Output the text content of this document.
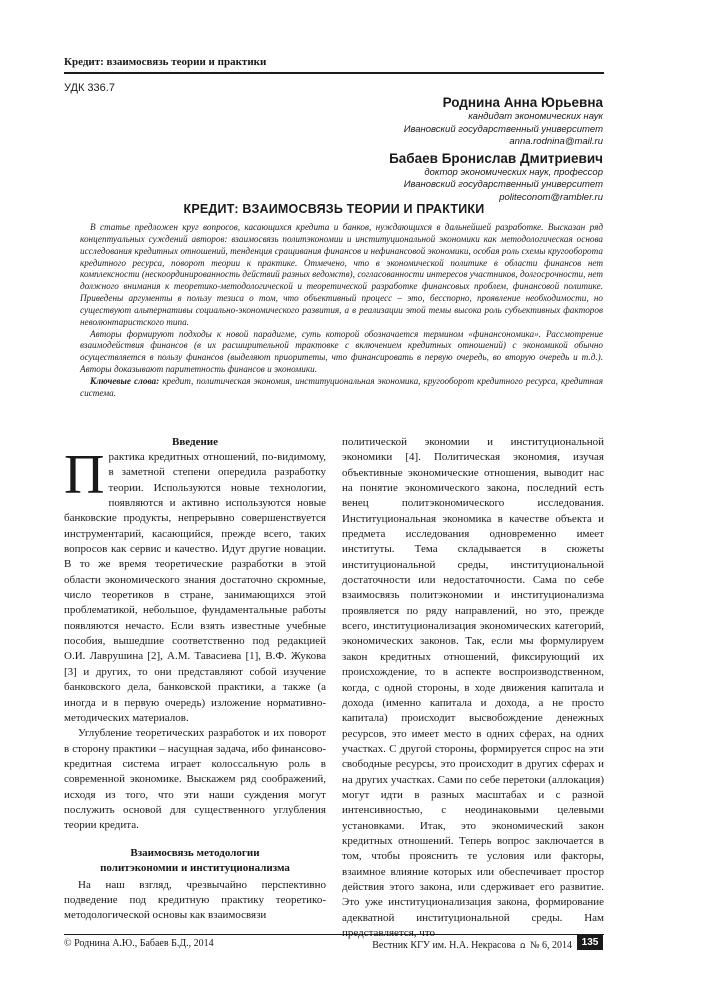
Кредит: взаимосвязь теории и практики
УДК 336.7
Роднина Анна Юрьевна
кандидат экономических наук
Ивановский государственный университет
anna.rodnina@mail.ru
Бабаев Бронислав Дмитриевич
доктор экономических наук, профессор
Ивановский государственный университет
politeconom@rambler.ru
КРЕДИТ: ВЗАИМОСВЯЗЬ ТЕОРИИ И ПРАКТИКИ

В статье предложен круг вопросов, касающихся кредита и банков, нуждающихся в дальнейшей разработке. Высказан ряд концептуальных суждений авторов: взаимосвязь политэкономии и институциональной экономики как методологическая основа исследования кредитных отношений, тенденция сращивания финансов и нефинансовой экономики, особая роль схемы кругооборота кредитного ресурса, поворот теории к практике. Отмечено, что в экономической политике в области финансов нет комплексности (нескоординированность действий разных ведомств), согласованности интересов участников, долгосрочности, нет должного внимания к теоретико-методологической и теоретической разработке финансовых проблем, финансовой политике. Приведены аргументы в пользу тезиса о том, что объективный процесс – это, бесспорно, проявление необходимости, но существуют альтернативы социально-экономического развития, а в реализации этой темы высока роль субъективных факторов неволюнтаристского типа.

Авторы формируют подходы к новой парадигме, суть которой обозначается термином «финансономика». Рассмотрение взаимодействия финансов (в их расширительной трактовке с включением кредитных отношений) с экономикой обычно осуществляется в пользу финансов (выделяют приоритеты, что финансировать в первую очередь, во вторую очередь и т.д.). Авторы доказывают паритетность финансов и экономики.

Ключевые слова: кредит, политическая экономия, институциональная экономика, кругооборот кредитного ресурса, кредитная система.

Введение

Практика кредитных отношений, по-видимому, в заметной степени опередила разработку теории. Используются новые технологии, появляются и активно используются новые банковские продукты, непрерывно совершенствуется инструментарий, касающийся, прежде всего, таких вопросов как сервис и качество. Идут другие новации. В то же время теоретические разработки в этой области экономического знания достаточно скромные, число теоретиков в стране, занимающихся этой проблематикой, небольшое, фундаментальные работы появляются нечасто. Если взять известные учебные пособия, вышедшие соответственно под редакцией О.И. Лаврушина [2], А.М. Тавасиева [1], В.Ф. Жукова [3] и других, то они представляют собой изучение банковского дела, банковской практики, а также (а иногда и в первую очередь) изложение нормативно-методических материалов.

Углубление теоретических разработок и их поворот в сторону практики – насущная задача, ибо финансово-кредитная система играет колоссальную роль в современной экономике. Выскажем ряд соображений, исходя из того, что эти наши суждения могут послужить основой для существенного углубления теории кредита.

Взаимосвязь методологии
политэкономии и институционализма

На наш взгляд, чрезвычайно перспективно подведение под кредитную практику теоретико-методологической основы как взаимосвязи

политической экономии и институциональной экономики [4]. Политическая экономия, изучая объективные экономические отношения, выводит нас на понятие экономического закона, последний есть венец политэкономического исследования. Институциональная экономика в качестве объекта и предмета исследования одновременно имеет институты. Тема складывается в сюжеты институциональной среды, институциональной достаточности или недостаточности. Сама по себе взаимосвязь политэкономии и институционализма проявляется по ряду направлений, но это, прежде всего, институционализация экономических категорий, экономических законов. Так, если мы формулируем закон кредитных отношений, фиксирующий их происхождение, то в аспекте воспроизводственном, когда, с одной стороны, в ходе движения капитала и дохода (именно капитала и дохода, а не просто капитала) происходит высвобождение денежных ресурсов, это имеет место в одних сферах, на одних участках. С другой стороны, формируется спрос на эти свободные ресурсы, это происходит в других сферах и на других участках. Сами по себе перетоки (аллокация) могут идти в разных масштабах и с разной интенсивностью, с неодинаковыми целевыми установками. Итак, это экономический закон кредитных отношений. Теперь вопрос заключается в том, чтобы прояснить те условия или факторы, взаимное влияние которых или обеспечивает простор действия этого закона, или сдерживает его развитие. Это уже институционализация закона, формирование адекватной институциональной среды. Нам представляется, что

© Роднина А.Ю., Бабаев Б.Д., 2014	Вестник КГУ им. Н.А. Некрасова ꭥ № 6, 2014 135
